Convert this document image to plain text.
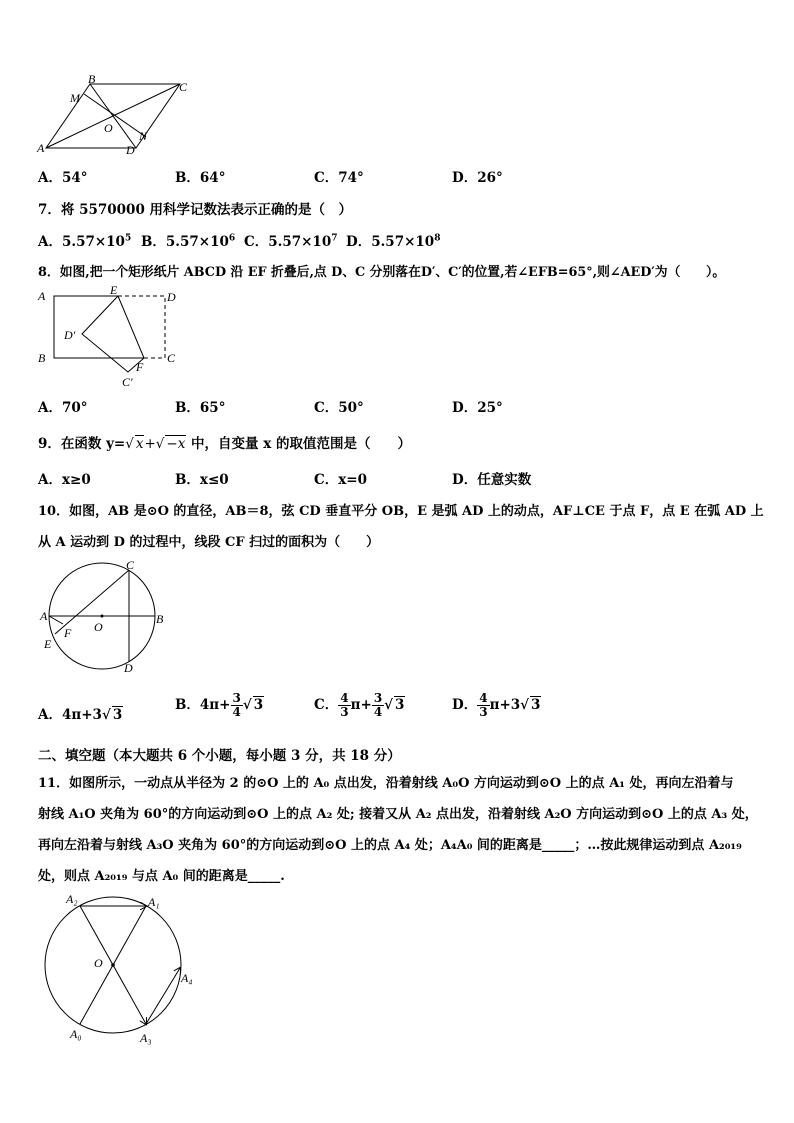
A
B
C
M
O
N
D
A．54°	B．64°	C．74°	D．26°
7．将 5570000 用科学记数法表示正确的是（　）
A．$5.57\times 10^5$ B．$5.57\times 10^6$ C．$5.57\times 10^7$ D．$5.57\times 10^8$
8．如图,把一个矩形纸片 ABCD 沿 EF 折叠后,点 D、C 分别落在D′、C′的位置,若∠EFB=65°,则∠AED′为（　　）。
A	E	D
D′
B
F
C
C′
A．70°	B．65°	C．50°	D．25°
9．在函数 y=√ x+√ −x 中，自变量 x 的取值范围是（　　）
A．x≥0	B．x≤0	C．x=0	D．任意实数
10．如图，AB 是⊙O 的直径，AB＝8，弦 CD 垂直平分 OB，E 是弧 AD 上的动点，AF⊥CE 于点 F，点 E 在弧 AD 上
从 A 运动到 D 的过程中，线段 CF 扫过的面积为（　　）
C
A
O
B
F
E
D
A．4π+3√ 3
B．$4\pi+ \frac{3}{4}$ √ 3	C． $\frac{4}{3} \pi+ \frac{3}{4}$ √ 3	D． $\frac{4}{3} \pi+3√$ 3
二、填空题（本大题共 6 个小题，每小题 3 分，共 18 分）
11．如图所示，一动点从半径为 2 的⊙O 上的 A₀ 点出发，沿着射线 A₀O 方向运动到⊙O 上的点 A₁ 处，再向左沿着与
射线 A₁O 夹角为 60°的方向运动到⊙O 上的点 A₂ 处; 接着又从 A₂ 点出发，沿着射线 A₂O 方向运动到⊙O 上的点 A₃ 处，
再向左沿着与射线 A₃O 夹角为 60°的方向运动到⊙O 上的点 A₄ 处；A₄A₀ 间的距离是_____；…按此规律运动到点 A₂₀₁₉
处，则点 A₂₀₁₉ 与点 A₀ 间的距离是_____.
A₂	A₁
O
A₄
A₀	A₃
